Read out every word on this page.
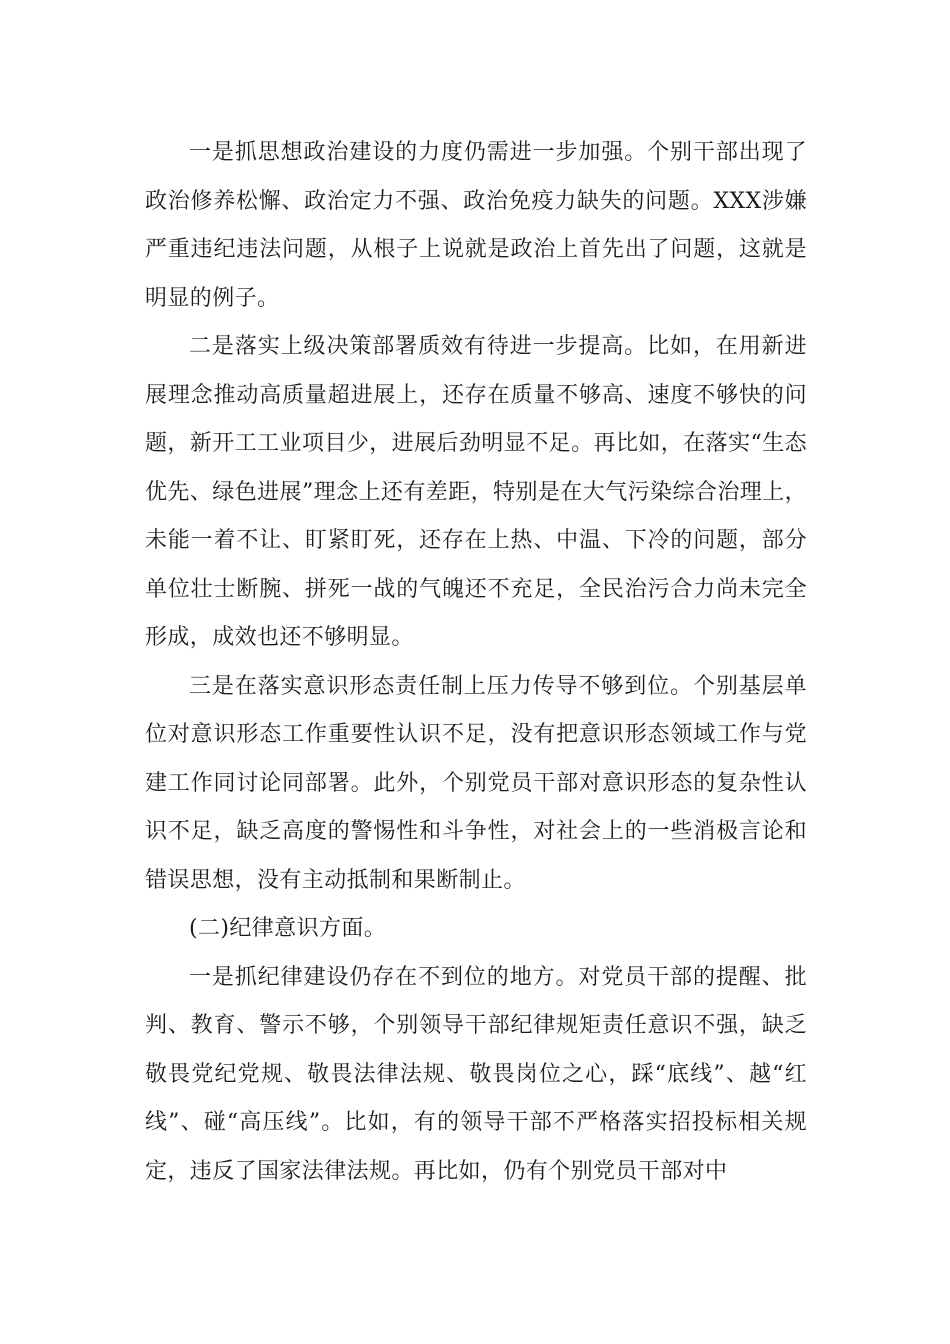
一是抓思想政治建设的力度仍需进一步加强。个别干部出现了政治修养松懈、政治定力不强、政治免疫力缺失的问题。XXX涉嫌严重违纪违法问题，从根子上说就是政治上首先出了问题，这就是明显的例子。

二是落实上级决策部署质效有待进一步提高。比如，在用新进展理念推动高质量超进展上，还存在质量不够高、速度不够快的问题，新开工工业项目少，进展后劲明显不足。再比如，在落实“生态优先、绿色进展”理念上还有差距，特别是在大气污染综合治理上，未能一着不让、盯紧盯死，还存在上热、中温、下冷的问题，部分单位壮士断腕、拼死一战的气魄还不充足，全民治污合力尚未完全形成，成效也还不够明显。

三是在落实意识形态责任制上压力传导不够到位。个别基层单位对意识形态工作重要性认识不足，没有把意识形态领域工作与党建工作同讨论同部署。此外，个别党员干部对意识形态的复杂性认识不足，缺乏高度的警惕性和斗争性，对社会上的一些消极言论和错误思想，没有主动抵制和果断制止。

(二)纪律意识方面。

一是抓纪律建设仍存在不到位的地方。对党员干部的提醒、批判、教育、警示不够，个别领导干部纪律规矩责任意识不强，缺乏敬畏党纪党规、敬畏法律法规、敬畏岗位之心，踩“底线”、越“红线”、碰“高压线”。比如，有的领导干部不严格落实招投标相关规定，违反了国家法律法规。再比如，仍有个别党员干部对中
